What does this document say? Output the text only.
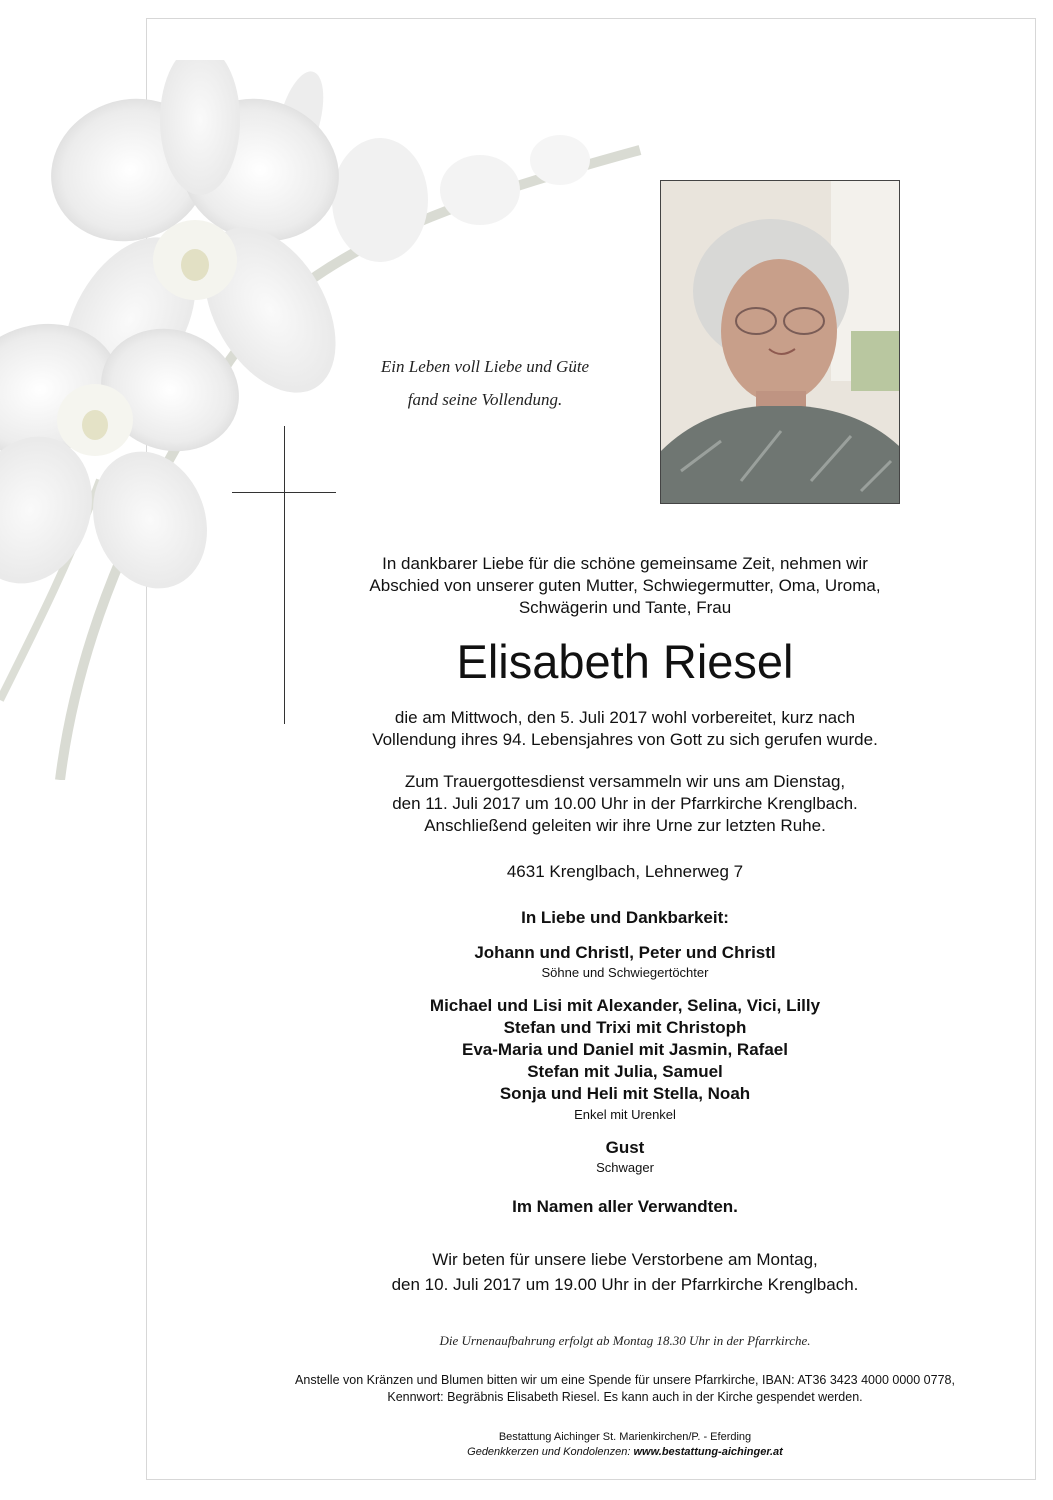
Ein Leben voll Liebe und Güte
fand seine Vollendung.
In dankbarer Liebe für die schöne gemeinsame Zeit, nehmen wir
Abschied von unserer guten Mutter, Schwiegermutter, Oma, Uroma,
Schwägerin und Tante, Frau
Elisabeth Riesel
die am Mittwoch, den 5. Juli 2017 wohl vorbereitet, kurz nach
Vollendung ihres 94. Lebensjahres von Gott zu sich gerufen wurde.
Zum Trauergottesdienst versammeln wir uns am Dienstag,
den 11. Juli 2017 um 10.00 Uhr in der Pfarrkirche Krenglbach.
Anschließend geleiten wir ihre Urne zur letzten Ruhe.
4631 Krenglbach, Lehnerweg 7
In Liebe und Dankbarkeit:
Johann und Christl, Peter und Christl
Söhne und Schwiegertöchter
Michael und Lisi mit Alexander, Selina, Vici, Lilly
Stefan und Trixi mit Christoph
Eva-Maria und Daniel mit Jasmin, Rafael
Stefan mit Julia, Samuel
Sonja und Heli mit Stella, Noah
Enkel mit Urenkel
Gust
Schwager
Im Namen aller Verwandten.
Wir beten für unsere liebe Verstorbene am Montag,
den 10. Juli 2017 um 19.00 Uhr in der Pfarrkirche Krenglbach.
Die Urnenaufbahrung erfolgt ab Montag 18.30 Uhr in der Pfarrkirche.
Anstelle von Kränzen und Blumen bitten wir um eine Spende für unsere Pfarrkirche, IBAN: AT36 3423 4000 0000 0778,
Kennwort: Begräbnis Elisabeth Riesel. Es kann auch in der Kirche gespendet werden.
Bestattung Aichinger St. Marienkirchen/P. - Eferding
Gedenkkerzen und Kondolenzen: www.bestattung-aichinger.at
